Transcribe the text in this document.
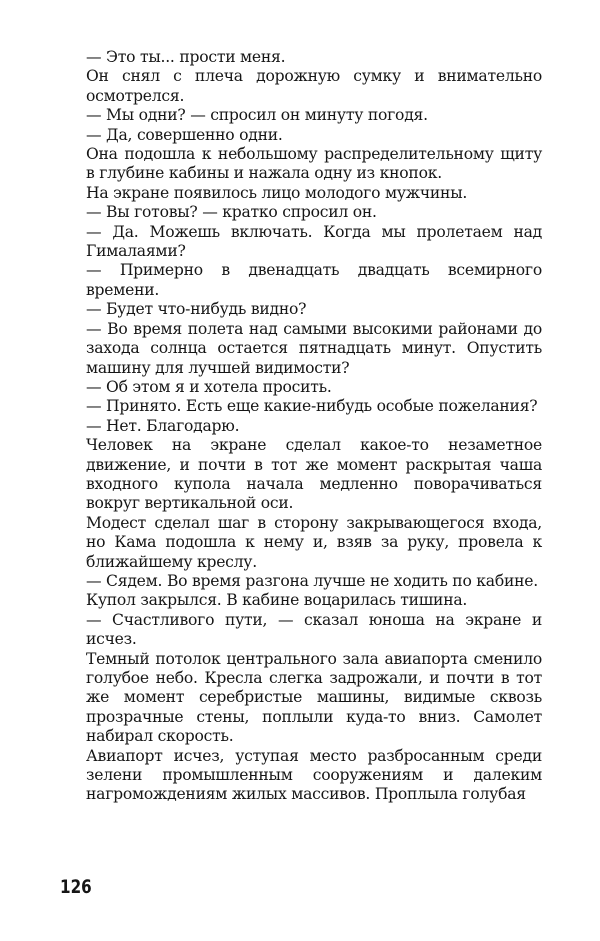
— Это ты... прости меня.

Он снял с плеча дорожную сумку и внимательно осмотрелся.

— Мы одни? — спросил он минуту погодя.

— Да, совершенно одни.

Она подошла к небольшому распределительному щиту в глубине кабины и нажала одну из кнопок.

На экране появилось лицо молодого мужчины.

— Вы готовы? — кратко спросил он.

— Да. Можешь включать. Когда мы пролетаем над Гималаями?

— Примерно в двенадцать двадцать всемирного времени.

— Будет что-нибудь видно?

— Во время полета над самыми высокими районами до захода солнца остается пятнадцать минут. Опустить машину для лучшей видимости?

— Об этом я и хотела просить.

— Принято. Есть еще какие-нибудь особые пожелания?

— Нет. Благодарю.

Человек на экране сделал какое-то незаметное движение, и почти в тот же момент раскрытая чаша входного купола начала медленно поворачиваться вокруг вертикальной оси.

Модест сделал шаг в сторону закрывающегося входа, но Кама подошла к нему и, взяв за руку, провела к ближайшему креслу.

— Сядем. Во время разгона лучше не ходить по кабине.

Купол закрылся. В кабине воцарилась тишина.

— Счастливого пути, — сказал юноша на экране и исчез.

Темный потолок центрального зала авиапорта сменило голубое небо. Кресла слегка задрожали, и почти в тот же момент серебристые машины, видимые сквозь прозрачные стены, поплыли куда-то вниз. Самолет набирал скорость.

Авиапорт исчез, уступая место разбросанным среди зелени промышленным сооружениям и далеким нагромождениям жилых массивов. Проплыла голубая

126
